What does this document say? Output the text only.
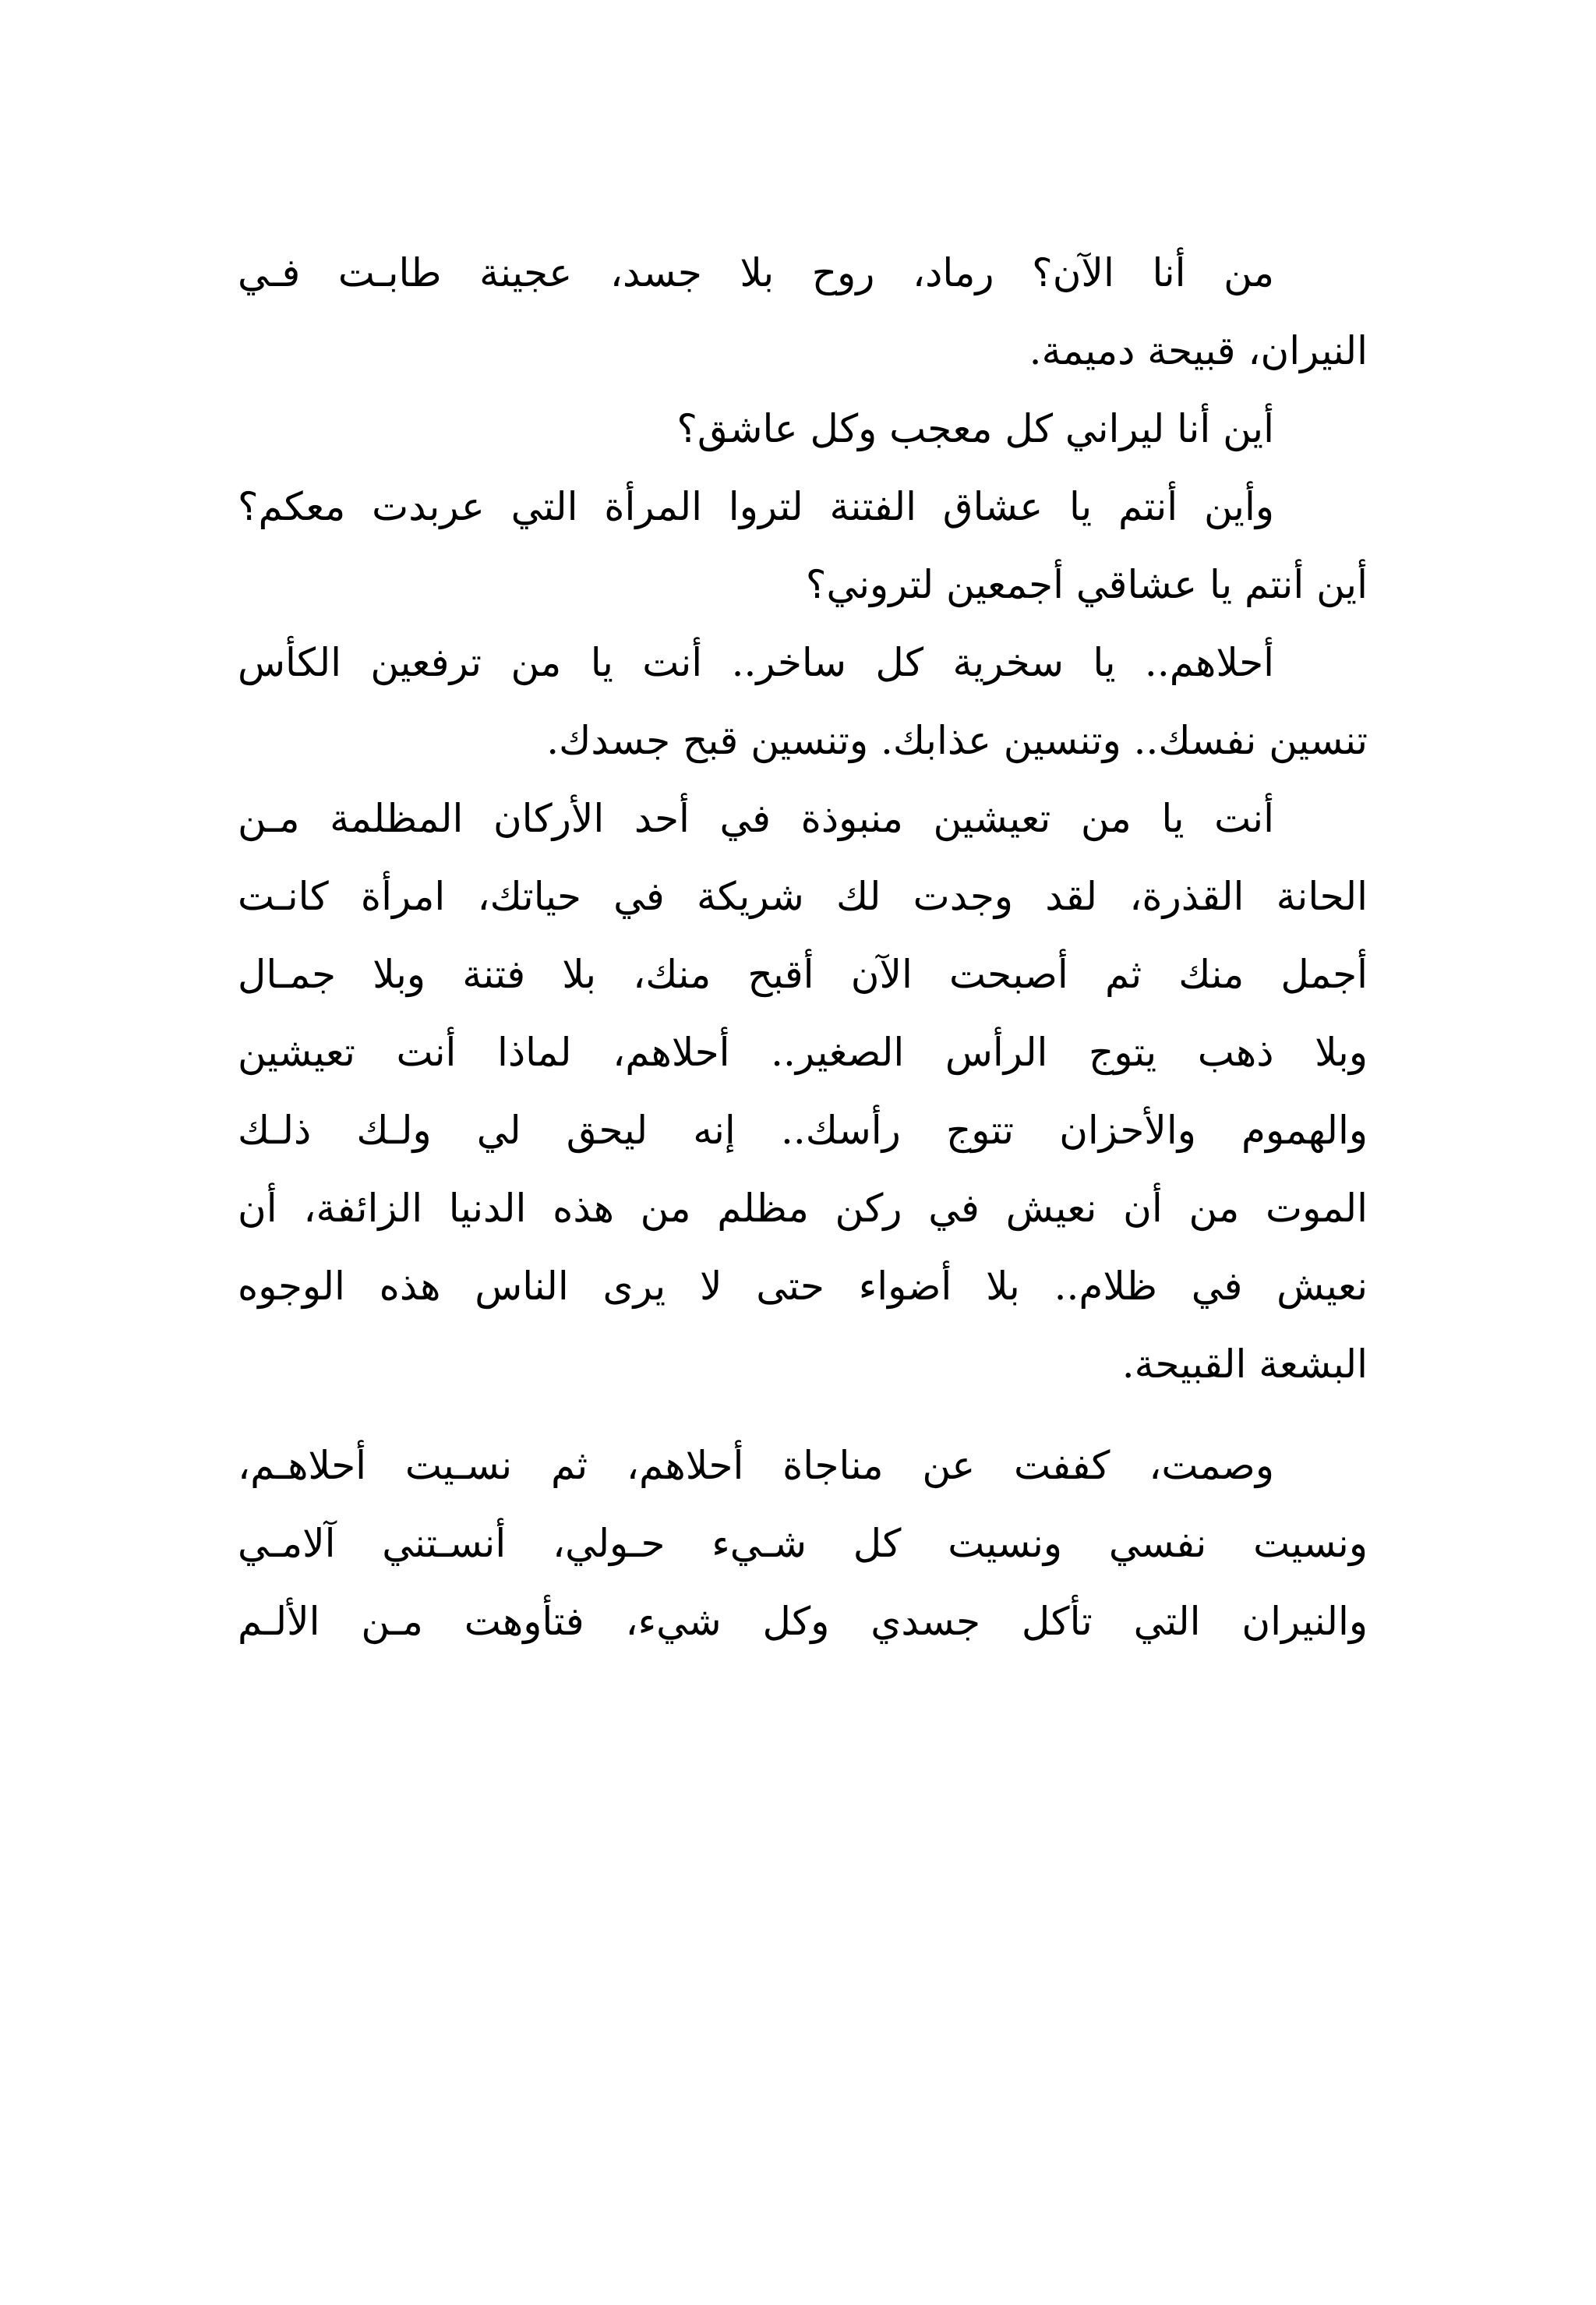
من أنا الآن؟ رماد، روح بلا جسد، عجينة طابـت فـي
النيران، قبيحة دميمة.
أين أنا ليراني كل معجب وكل عاشق؟
وأين أنتم يا عشاق الفتنة لتروا المرأة التي عربدت معكم؟
أين أنتم يا عشاقي أجمعين لتروني؟
أحلاهم.. يا سخرية كل ساخر.. أنت يا من ترفعين الكأس
تنسين نفسك.. وتنسين عذابك. وتنسين قبح جسدك.
أنت يا من تعيشين منبوذة في أحد الأركان المظلمة مـن
الحانة القذرة، لقد وجدت لك شريكة في حياتك، امرأة كانـت
أجمل منك ثم أصبحت الآن أقبح منك، بلا فتنة وبلا جمـال
وبلا ذهب يتوج الرأس الصغير.. أحلاهم، لماذا أنت تعيشين
والهموم والأحزان تتوج رأسك.. إنه ليحق لي ولـك ذلـك
الموت من أن نعيش في ركن مظلم من هذه الدنيا الزائفة، أن
نعيش في ظلام.. بلا أضواء حتى لا يرى الناس هذه الوجوه
البشعة القبيحة.
وصمت، كففت عن مناجاة أحلاهم، ثم نسـيت أحلاهـم،
ونسيت نفسي ونسيت كل شـيء حـولي، أنسـتني آلامـي
والنيران التي تأكل جسدي وكل شيء، فتأوهت مـن الألـم
